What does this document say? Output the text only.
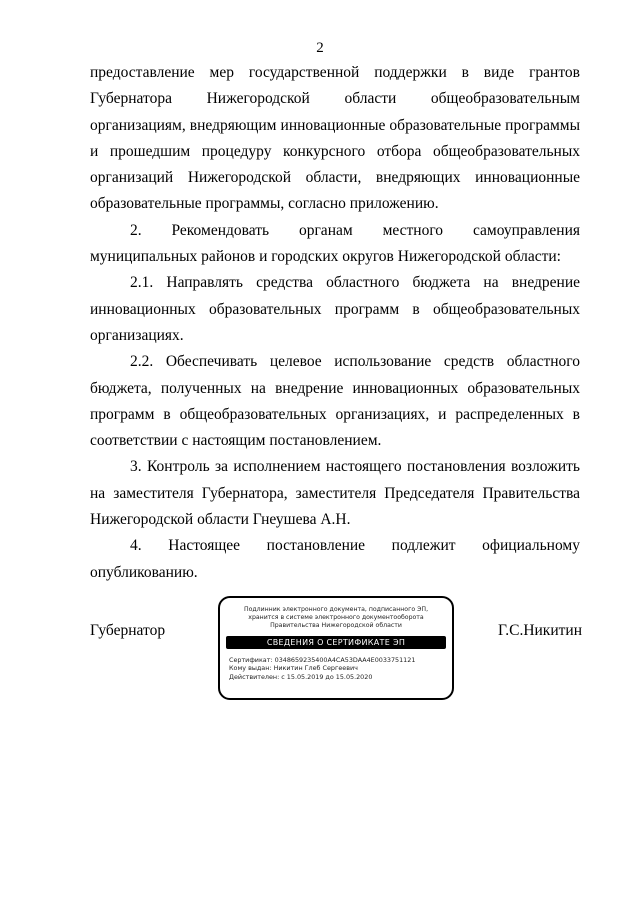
2

предоставление мер государственной поддержки в виде грантов Губернатора Нижегородской области общеобразовательным организациям, внедряющим инновационные образовательные программы и прошедшим процедуру конкурсного отбора общеобразовательных организаций Нижегородской области, внедряющих инновационные образовательные программы, согласно приложению.

2. Рекомендовать органам местного самоуправления муниципальных районов и городских округов Нижегородской области:

2.1. Направлять средства областного бюджета на внедрение инновационных образовательных программ в общеобразовательных организациях.

2.2. Обеспечивать целевое использование средств областного бюджета, полученных на внедрение инновационных образовательных программ в общеобразовательных организациях, и распределенных в соответствии с настоящим постановлением.

3. Контроль за исполнением настоящего постановления возложить на заместителя Губернатора, заместителя Председателя Правительства Нижегородской области Гнеушева А.Н.

4. Настоящее постановление подлежит официальному опубликованию.

Губернатор
Подлинник электронного документа, подписанного ЭП, хранится в системе электронного документооборота Правительства Нижегородской области
СВЕДЕНИЯ О СЕРТИФИКАТЕ ЭП
Сертификат: 0348659235400A4CA53DAA4E0033751121
Кому выдан: Никитин Глеб Сергеевич
Действителен: с 15.05.2019 до 15.05.2020
Г.С.Никитин
